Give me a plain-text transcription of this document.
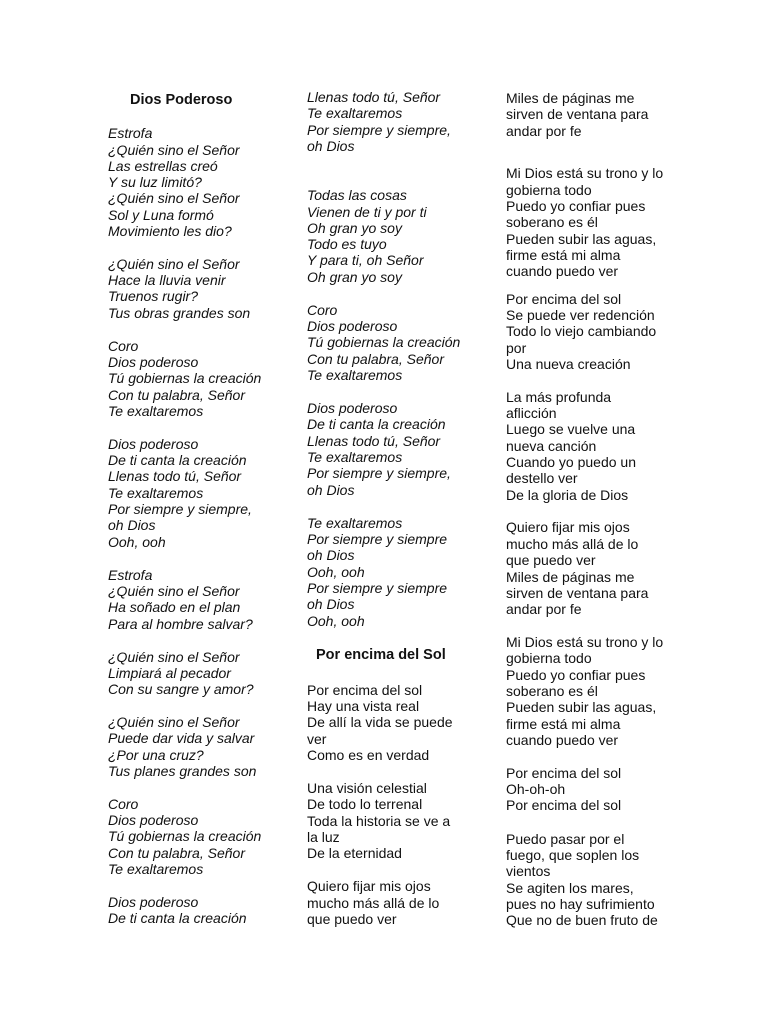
Dios Poderoso
Estrofa
¿Quién sino el Señor
Las estrellas creó
Y su luz limitó?
¿Quién sino el Señor
Sol y Luna formó
Movimiento les dio?
¿Quién sino el Señor
Hace la lluvia venir
Truenos rugir?
Tus obras grandes son
Coro
Dios poderoso
Tú gobiernas la creación
Con tu palabra, Señor
Te exaltaremos
Dios poderoso
De ti canta la creación
Llenas todo tú, Señor
Te exaltaremos
Por siempre y siempre,
oh Dios
Ooh, ooh
Estrofa
¿Quién sino el Señor
Ha soñado en el plan
Para al hombre salvar?
¿Quién sino el Señor
Limpiará al pecador
Con su sangre y amor?
¿Quién sino el Señor
Puede dar vida y salvar
¿Por una cruz?
Tus planes grandes son
Coro
Dios poderoso
Tú gobiernas la creación
Con tu palabra, Señor
Te exaltaremos
Dios poderoso
De ti canta la creación
Llenas todo tú, Señor
Te exaltaremos
Por siempre y siempre,
oh Dios
Todas las cosas
Vienen de ti y por ti
Oh gran yo soy
Todo es tuyo
Y para ti, oh Señor
Oh gran yo soy
Coro
Dios poderoso
Tú gobiernas la creación
Con tu palabra, Señor
Te exaltaremos
Dios poderoso
De ti canta la creación
Llenas todo tú, Señor
Te exaltaremos
Por siempre y siempre,
oh Dios
Te exaltaremos
Por siempre y siempre
oh Dios
Ooh, ooh
Por siempre y siempre
oh Dios
Ooh, ooh
Por encima del Sol
Por encima del sol
Hay una vista real
De allí la vida se puede
ver
Como es en verdad
Una visión celestial
De todo lo terrenal
Toda la historia se ve a
la luz
De la eternidad
Quiero fijar mis ojos
mucho más allá de lo
que puedo ver
Miles de páginas me
sirven de ventana para
andar por fe
Mi Dios está su trono y lo
gobierna todo
Puedo yo confiar pues
soberano es él
Pueden subir las aguas,
firme está mi alma
cuando puedo ver
Por encima del sol
Se puede ver redención
Todo lo viejo cambiando
por
Una nueva creación
La más profunda
aflicción
Luego se vuelve una
nueva canción
Cuando yo puedo un
destello ver
De la gloria de Dios
Quiero fijar mis ojos
mucho más allá de lo
que puedo ver
Miles de páginas me
sirven de ventana para
andar por fe
Mi Dios está su trono y lo
gobierna todo
Puedo yo confiar pues
soberano es él
Pueden subir las aguas,
firme está mi alma
cuando puedo ver
Por encima del sol
Oh-oh-oh
Por encima del sol
Puedo pasar por el
fuego, que soplen los
vientos
Se agiten los mares,
pues no hay sufrimiento
Que no de buen fruto de
